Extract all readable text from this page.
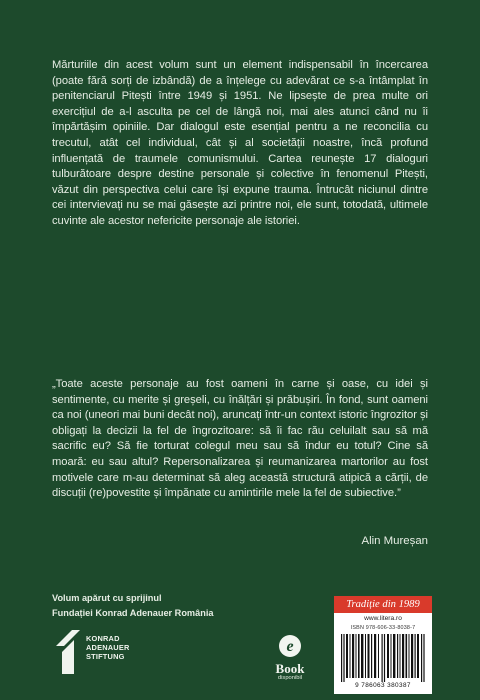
Mărturiile din acest volum sunt un element indispensabil în încercarea (poate fără sorți de izbândă) de a înțelege cu adevărat ce s-a întâmplat în penitenciarul Pitești între 1949 și 1951. Ne lipsește de prea multe ori exercițiul de a-l asculta pe cel de lângă noi, mai ales atunci când nu îi împărtășim opiniile. Dar dialogul este esențial pentru a ne reconcilia cu trecutul, atât cel individual, cât și al societății noastre, încă profund influențată de traumele comunismului. Cartea reunește 17 dialoguri tulburătoare despre destine personale și colective în fenomenul Pitești, văzut din perspectiva celui care își expune trauma. Întrucât niciunul dintre cei intervievați nu se mai găsește azi printre noi, ele sunt, totodată, ultimele cuvinte ale acestor nefericite personaje ale istoriei.
„Toate aceste personaje au fost oameni în carne și oase, cu idei și sentimente, cu merite și greșeli, cu înălțări și prăbușiri. În fond, sunt oameni ca noi (uneori mai buni decât noi), aruncați într-un context istoric îngrozitor și obligați la decizii la fel de îngrozitoare: să îi fac rău celuilalt sau să mă sacrific eu? Să fie torturat colegul meu sau să îndur eu totul? Cine să moară: eu sau altul? Repersonalizarea și reumanizarea martorilor au fost motivele care m-au determinat să aleg această structură atipică a cărții, de discuții (re)povestite și împănate cu amintirile mele la fel de subiective.”
Alin Mureșan
Volum apărut cu sprijinul
Fundației Konrad Adenauer România
KONRAD
ADENAUER
STIFTUNG
e
Book
disponibil
Tradiție din 1989
www.litera.ro
ISBN 978-606-33-8038-7
9 786063 380387
